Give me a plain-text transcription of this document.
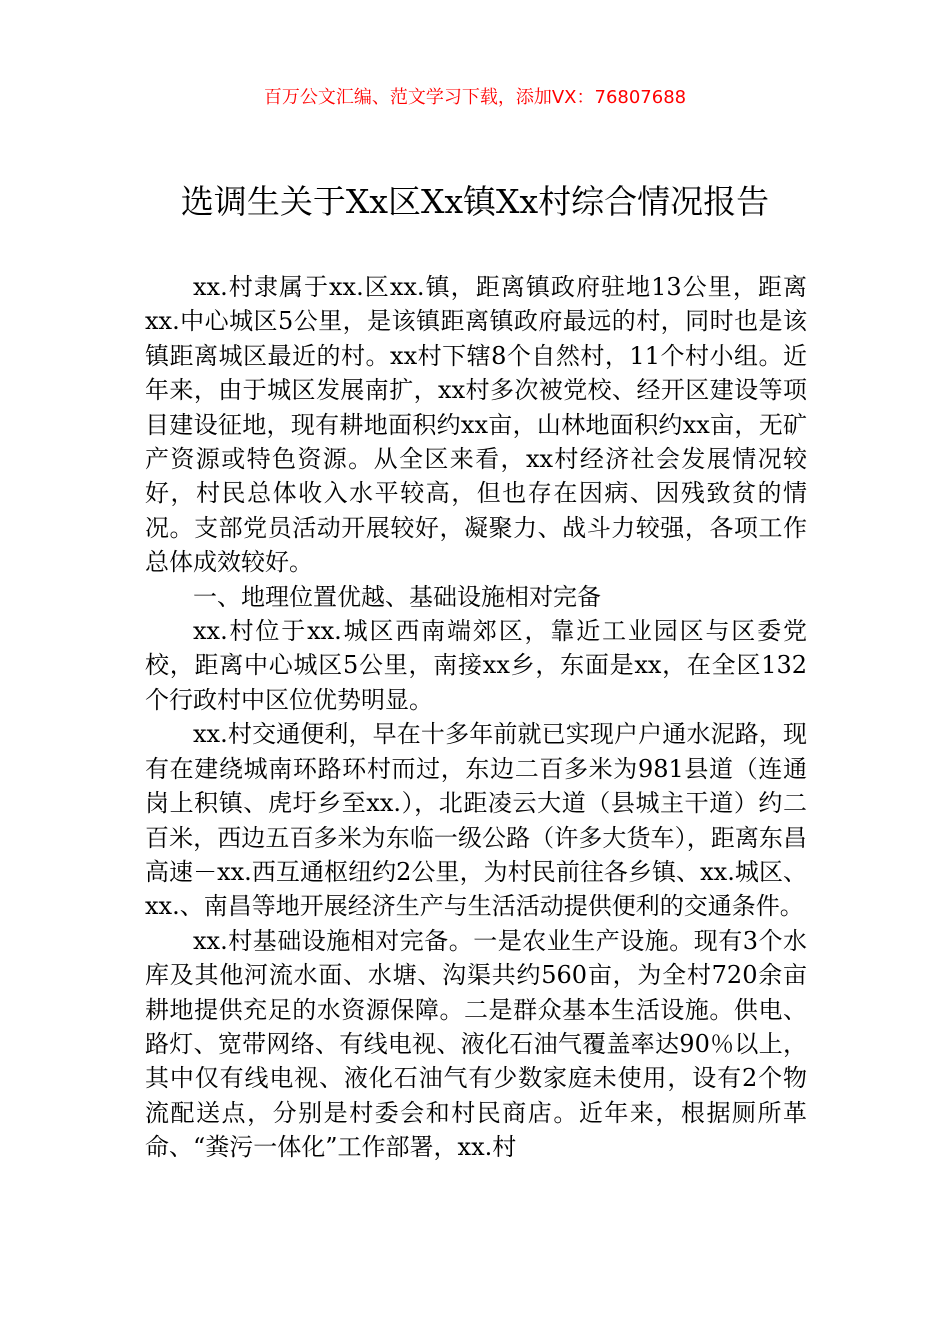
百万公文汇编、范文学习下载，添加VX：76807688
选调生关于Xx区Xx镇Xx村综合情况报告

xx.村隶属于xx.区xx.镇，距离镇政府驻地13公里，距离xx.中心城区5公里，是该镇距离镇政府最远的村，同时也是该镇距离城区最近的村。xx村下辖8个自然村，11个村小组。近年来，由于城区发展南扩，xx村多次被党校、经开区建设等项目建设征地，现有耕地面积约xx亩，山林地面积约xx亩，无矿产资源或特色资源。从全区来看，xx村经济社会发展情况较好，村民总体收入水平较高，但也存在因病、因残致贫的情况。支部党员活动开展较好，凝聚力、战斗力较强，各项工作总体成效较好。

一、地理位置优越、基础设施相对完备

xx.村位于xx.城区西南端郊区，靠近工业园区与区委党校，距离中心城区5公里，南接xx乡，东面是xx，在全区132个行政村中区位优势明显。

xx.村交通便利，早在十多年前就已实现户户通水泥路，现有在建绕城南环路环村而过，东边二百多米为981县道（连通岗上积镇、虎圩乡至xx.），北距凌云大道（县城主干道）约二百米，西边五百多米为东临一级公路（许多大货车），距离东昌高速－xx.西互通枢纽约2公里，为村民前往各乡镇、xx.城区、xx.、南昌等地开展经济生产与生活活动提供便利的交通条件。

xx.村基础设施相对完备。一是农业生产设施。现有3个水库及其他河流水面、水塘、沟渠共约560亩，为全村720余亩耕地提供充足的水资源保障。二是群众基本生活设施。供电、路灯、宽带网络、有线电视、液化石油气覆盖率达90％以上，其中仅有线电视、液化石油气有少数家庭未使用，设有2个物流配送点，分别是村委会和村民商店。近年来，根据厕所革命、“粪污一体化”工作部署，xx.村
